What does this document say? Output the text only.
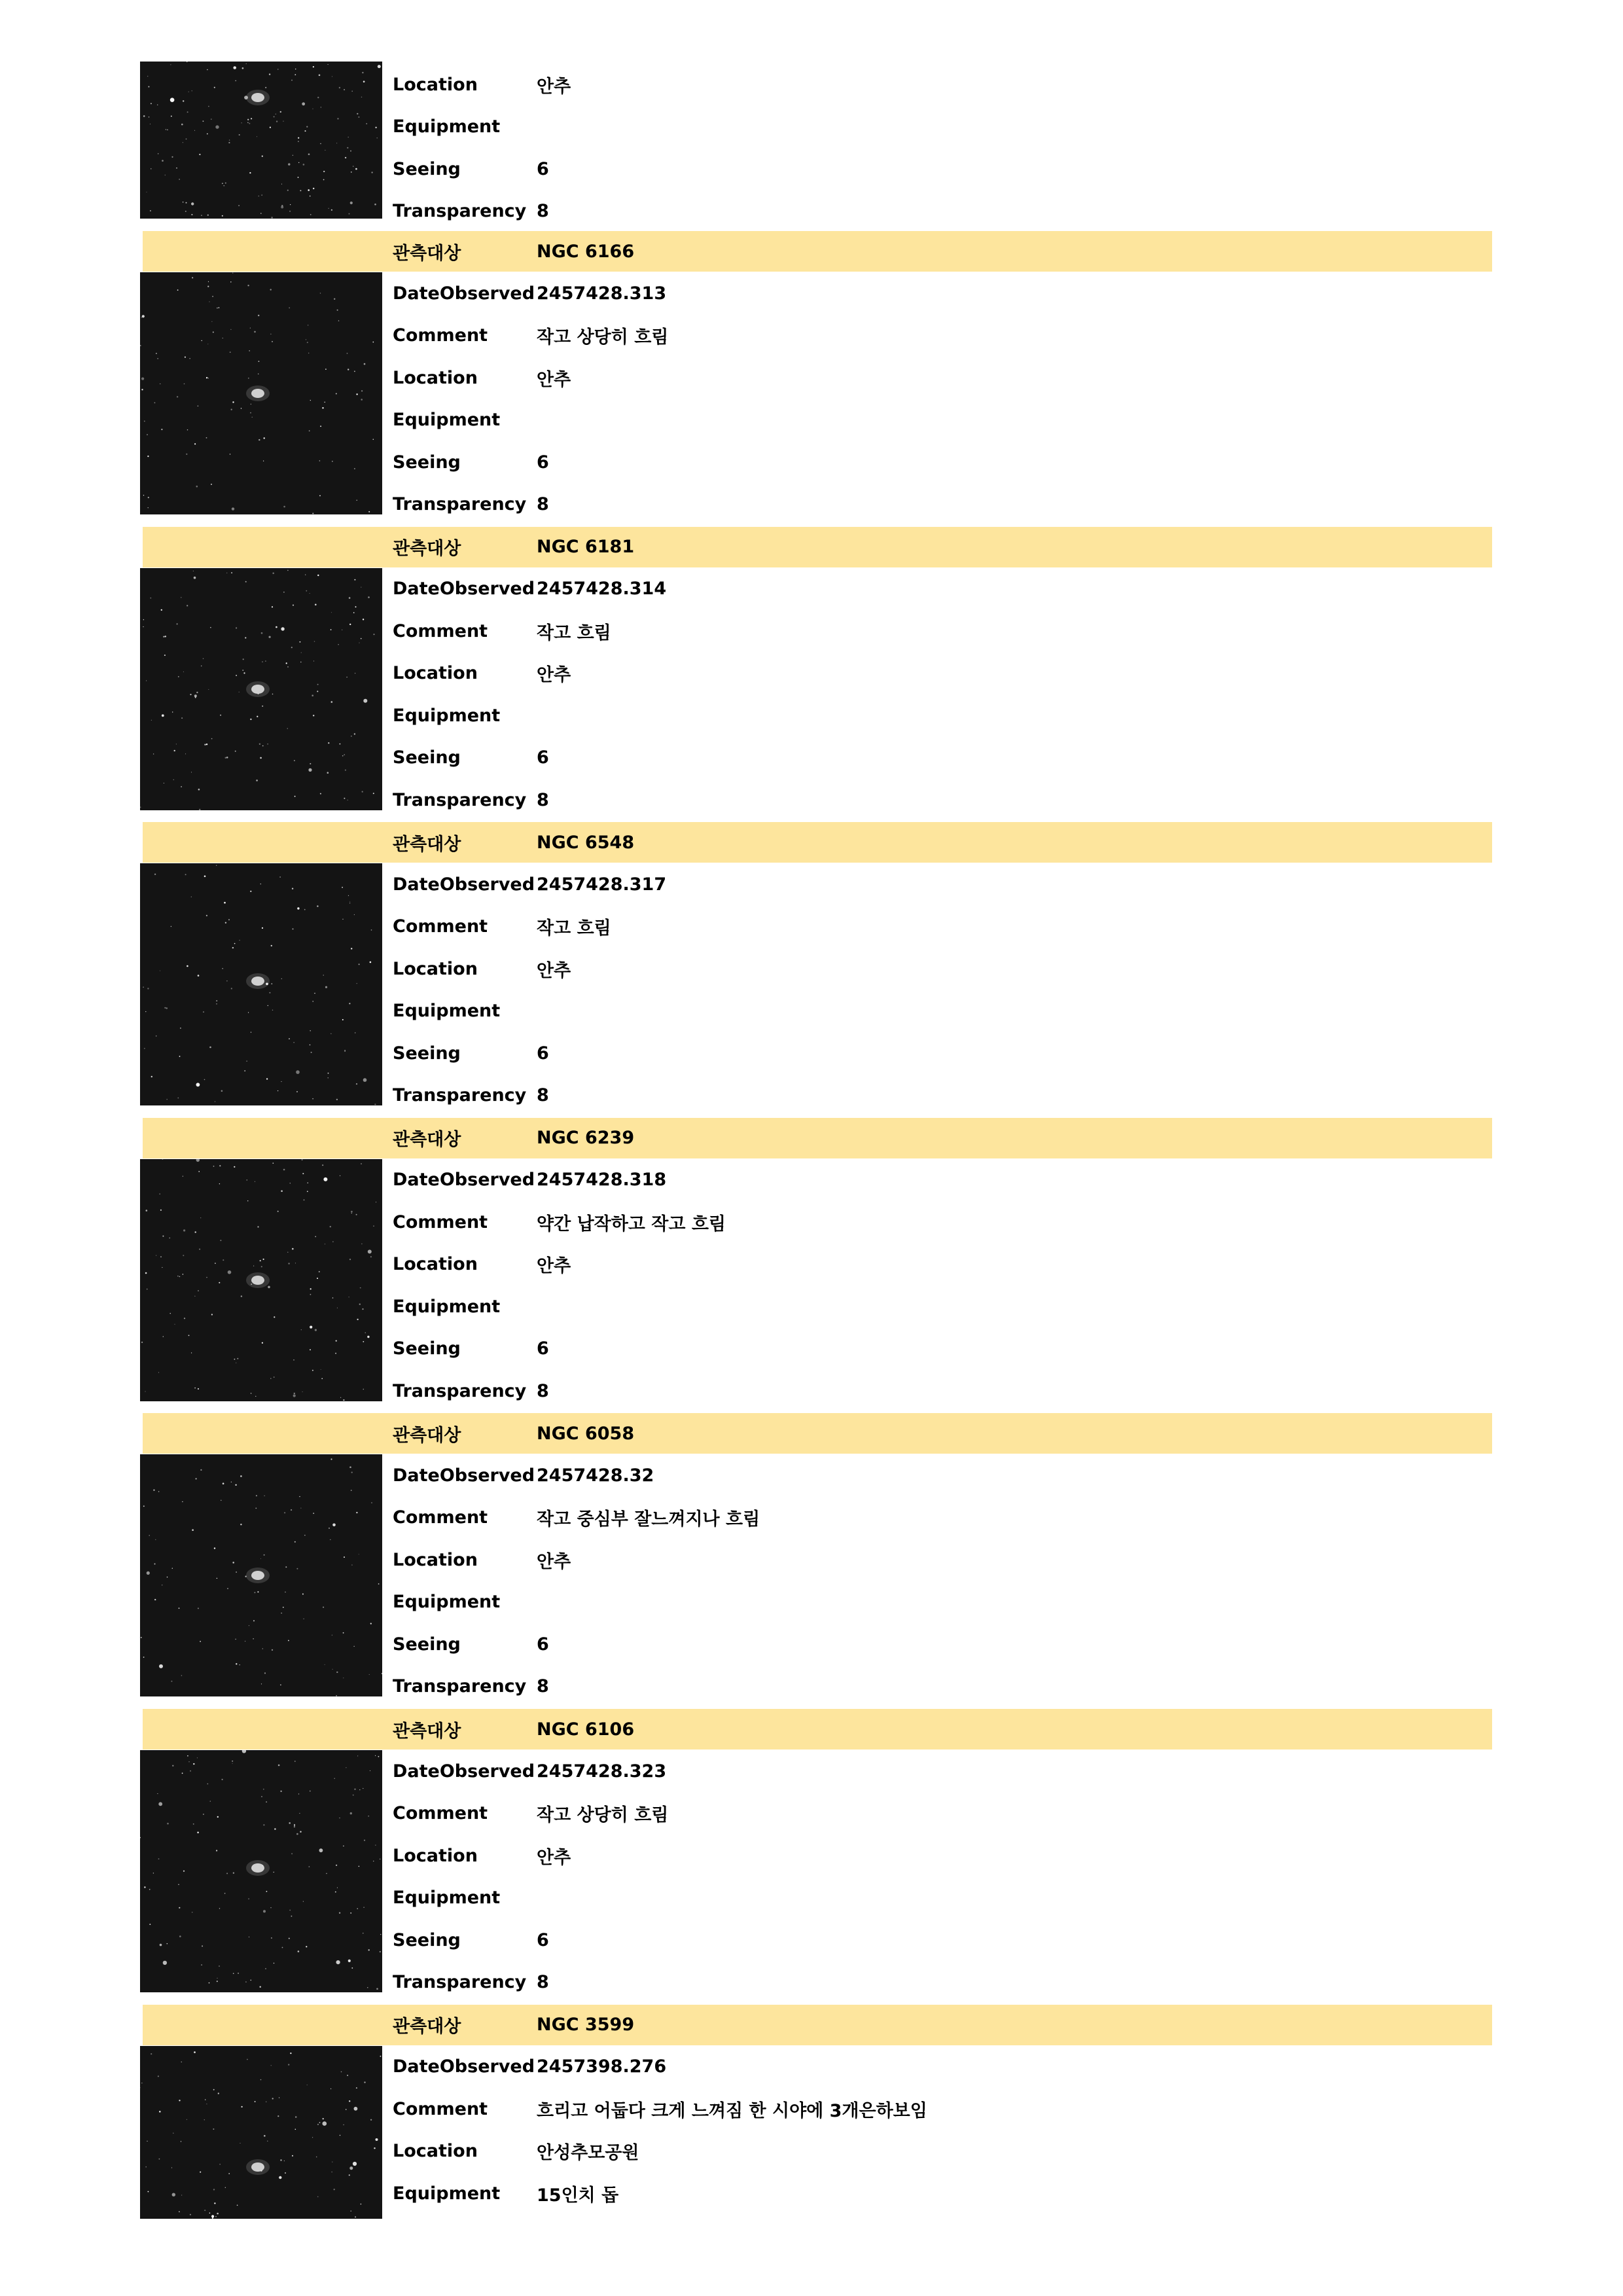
Location	안추
Equipment
Seeing	6
Transparency 8
관측대상	NGC 6166
DateObserved 2457428.313
Comment	작고 상당히 흐림
Location	안추
Equipment
Seeing	6
Transparency 8
관측대상	NGC 6181
DateObserved 2457428.314
Comment	작고 흐림
Location	안추
Equipment
Seeing	6
Transparency 8
관측대상	NGC 6548
DateObserved 2457428.317
Comment	작고 흐림
Location	안추
Equipment
Seeing	6
Transparency 8
관측대상	NGC 6239
DateObserved 2457428.318
Comment	약간 납작하고 작고 흐림
Location	안추
Equipment
Seeing	6
Transparency 8
관측대상	NGC 6058
DateObserved 2457428.32
Comment	작고 중심부 잘느껴지나 흐림
Location	안추
Equipment
Seeing	6
Transparency 8
관측대상	NGC 6106
DateObserved 2457428.323
Comment	작고 상당히 흐림
Location	안추
Equipment
Seeing	6
Transparency 8
관측대상	NGC 3599
DateObserved 2457398.276
Comment	흐리고 어둡다 크게 느껴짐 한 시야에 3개은하보임
Location	안성추모공원
Equipment	15인치 돕
